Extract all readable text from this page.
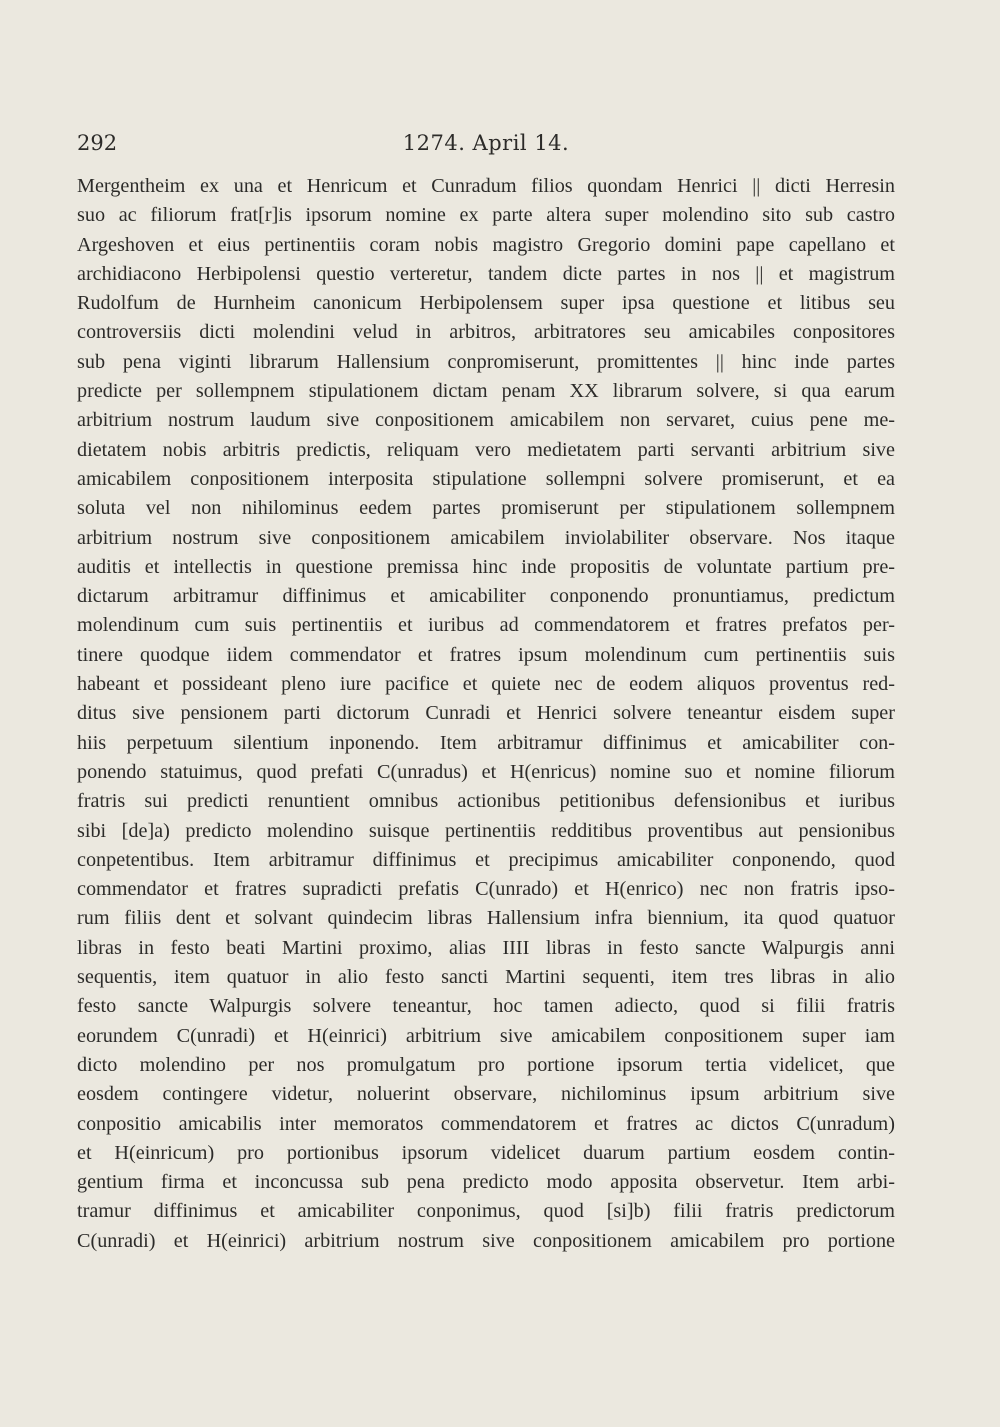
292	1274. April 14.
Mergentheim ex una et Henricum et Cunradum filios quondam Henrici || dicti Herresin
suo ac filiorum frat[r]is ipsorum nomine ex parte altera super molendino sito sub castro
Argeshoven et eius pertinentiis coram nobis magistro Gregorio domini pape capellano et
archidiacono Herbipolensi questio verteretur, tandem dicte partes in nos || et magistrum
Rudolfum de Hurnheim canonicum Herbipolensem super ipsa questione et litibus seu
controversiis dicti molendini velud in arbitros, arbitratores seu amicabiles conpositores
sub pena viginti librarum Hallensium conpromiserunt, promittentes || hinc inde partes
predicte per sollempnem stipulationem dictam penam XX librarum solvere, si qua earum
arbitrium nostrum laudum sive conpositionem amicabilem non servaret, cuius pene me-
dietatem nobis arbitris predictis, reliquam vero medietatem parti servanti arbitrium sive
amicabilem conpositionem interposita stipulatione sollempni solvere promiserunt, et ea
soluta vel non nihilominus eedem partes promiserunt per stipulationem sollempnem
arbitrium nostrum sive conpositionem amicabilem inviolabiliter observare. Nos itaque
auditis et intellectis in questione premissa hinc inde propositis de voluntate partium pre-
dictarum arbitramur diffinimus et amicabiliter conponendo pronuntiamus, predictum
molendinum cum suis pertinentiis et iuribus ad commendatorem et fratres prefatos per-
tinere quodque iidem commendator et fratres ipsum molendinum cum pertinentiis suis
habeant et possideant pleno iure pacifice et quiete nec de eodem aliquos proventus red-
ditus sive pensionem parti dictorum Cunradi et Henrici solvere teneantur eisdem super
hiis perpetuum silentium inponendo. Item arbitramur diffinimus et amicabiliter con-
ponendo statuimus, quod prefati C(unradus) et H(enricus) nomine suo et nomine filiorum
fratris sui predicti renuntient omnibus actionibus petitionibus defensionibus et iuribus
sibi [de]a) predicto molendino suisque pertinentiis redditibus proventibus aut pensionibus
conpetentibus. Item arbitramur diffinimus et precipimus amicabiliter conponendo, quod
commendator et fratres supradicti prefatis C(unrado) et H(enrico) nec non fratris ipso-
rum filiis dent et solvant quindecim libras Hallensium infra biennium, ita quod quatuor
libras in festo beati Martini proximo, alias IIII libras in festo sancte Walpurgis anni
sequentis, item quatuor in alio festo sancti Martini sequenti, item tres libras in alio
festo sancte Walpurgis solvere teneantur, hoc tamen adiecto, quod si filii fratris
eorundem C(unradi) et H(einrici) arbitrium sive amicabilem conpositionem super iam
dicto molendino per nos promulgatum pro portione ipsorum tertia videlicet, que
eosdem contingere videtur, noluerint observare, nichilominus ipsum arbitrium sive
conpositio amicabilis inter memoratos commendatorem et fratres ac dictos C(unradum)
et H(einricum) pro portionibus ipsorum videlicet duarum partium eosdem contin-
gentium firma et inconcussa sub pena predicto modo apposita observetur. Item arbi-
tramur diffinimus et amicabiliter conponimus, quod [si]b) filii fratris predictorum
C(unradi) et H(einrici) arbitrium nostrum sive conpositionem amicabilem pro portione
